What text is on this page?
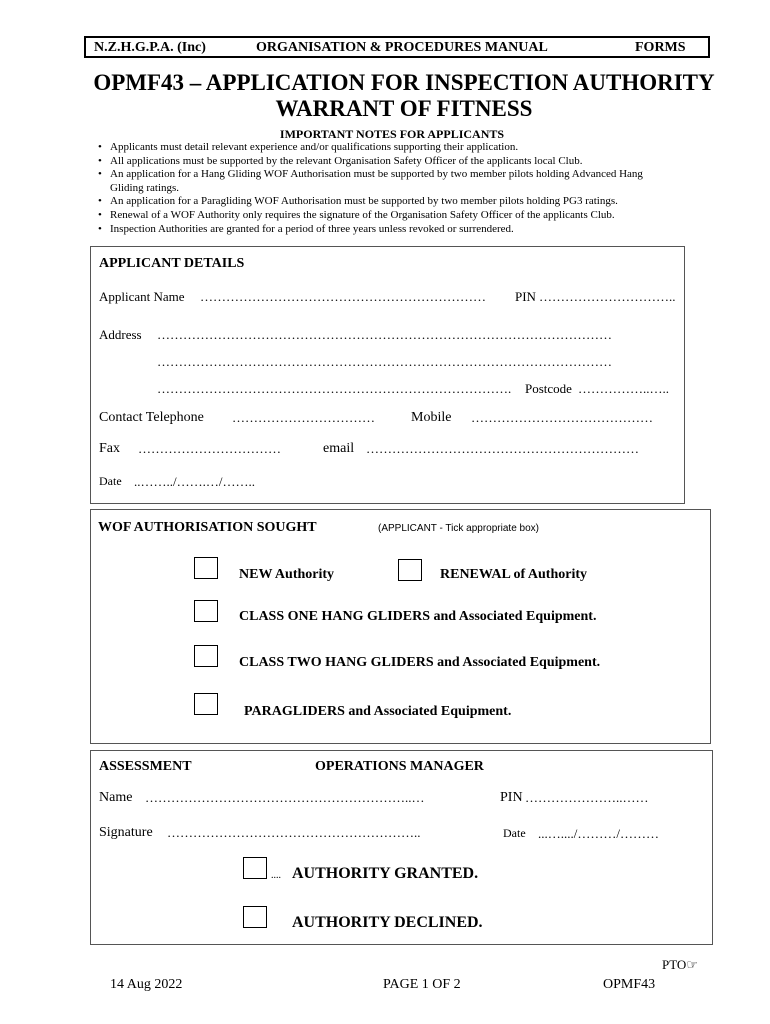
N.Z.H.G.P.A. (Inc)	ORGANISATION & PROCEDURES MANUAL	FORMS
OPMF43 – APPLICATION FOR INSPECTION AUTHORITY
WARRANT OF FITNESS
IMPORTANT NOTES FOR APPLICANTS
• Applicants must detail relevant experience and/or qualifications supporting their application.
• All applications must be supported by the relevant Organisation Safety Officer of the applicants local Club.
• An application for a Hang Gliding WOF Authorisation must be supported by two member pilots holding Advanced Hang Gliding ratings.
• An application for a Paragliding WOF Authorisation must be supported by two member pilots holding PG3 ratings.
• Renewal of a WOF Authority only requires the signature of the Organisation Safety Officer of the applicants Club.
• Inspection Authorities are granted for a period of three years unless revoked or surrendered.
APPLICANT DETAILS
Applicant Name ………………………………………………………… PIN …………………………..
Address ……………………………………………………………………………………………
……………………………………………………………………………………………
………………………………………………………………………. Postcode ……………..…..
Contact Telephone ……………………………	Mobile ……………………………………
Fax ……………………………	email ………………………………………………………
Date ..……../…….…/……..
WOF AUTHORISATION SOUGHT	(APPLICANT - Tick appropriate box)
NEW Authority	RENEWAL of Authority
CLASS ONE HANG GLIDERS and Associated Equipment.
CLASS TWO HANG GLIDERS and Associated Equipment.
PARAGLIDERS and Associated Equipment.
ASSESSMENT	OPERATIONS MANAGER
Name ……………………………………………………..…	PIN …………………..……
Signature …………………………………………………..	Date ...…..../………/………
.... AUTHORITY GRANTED.
AUTHORITY DECLINED.
PTO☞
14 Aug 2022	PAGE 1 OF 2	OPMF43
